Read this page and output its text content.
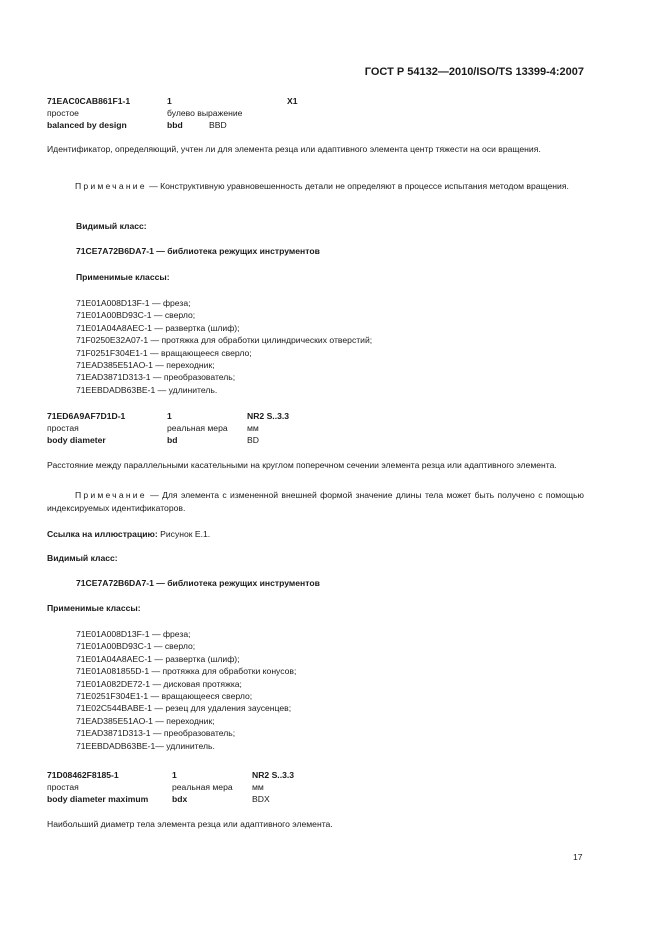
ГОСТ Р 54132—2010/ISO/TS 13399-4:2007
71EAC0CAB861F1-1	1	X1
простое	булево выражение
balanced by design	bbd	BBD
Идентификатор, определяющий, учтен ли для элемента резца или адаптивного элемента центр тяжести на оси вращения.
Примечание — Конструктивную уравновешенность детали не определяют в процессе испытания методом вращения.
Видимый класс:
71CE7A72B6DA7-1 — библиотека режущих инструментов
Применимые классы:
71E01A008D13F-1 — фреза;
71E01A00BD93C-1 — сверло;
71E01A04A8AEC-1 — развертка (шлиф);
71F0250E32A07-1 — протяжка для обработки цилиндрических отверстий;
71F0251F304E1-1 — вращающееся сверло;
71EAD385E51AO-1 — переходник;
71EAD3871D313-1 — преобразователь;
71EEBDADB63BE-1 — удлинитель.
71ED6A9AF7D1D-1	1	NR2 S..3.3
простая	реальная мера мм
body diameter	bd	BD
Расстояние между параллельными касательными на круглом поперечном сечении элемента резца или адаптивного элемента.
Примечание — Для элемента с измененной внешней формой значение длины тела может быть получено с помощью индексируемых идентификаторов.
Ссылка на иллюстрацию: Рисунок Е.1.
Видимый класс:
71CE7A72B6DA7-1 — библиотека режущих инструментов
Применимые классы:
71E01A008D13F-1 — фреза;
71E01A00BD93C-1 — сверло;
71E01A04A8AEC-1 — развертка (шлиф);
71E01A081855D-1 — протяжка для обработки конусов;
71E01A082DE72-1 — дисковая протяжка;
71E0251F304E1-1 — вращающееся сверло;
71E02C544BABE-1 — резец для удаления заусенцев;
71EAD385E51AO-1 — переходник;
71EAD3871D313-1 — преобразователь;
71EEBDADB63BE-1— удлинитель.
71D08462F8185-1	1	NR2 S..3.3
простая	реальная мера мм
body diameter maximum	bdx	BDX
Наибольший диаметр тела элемента резца или адаптивного элемента.
17
